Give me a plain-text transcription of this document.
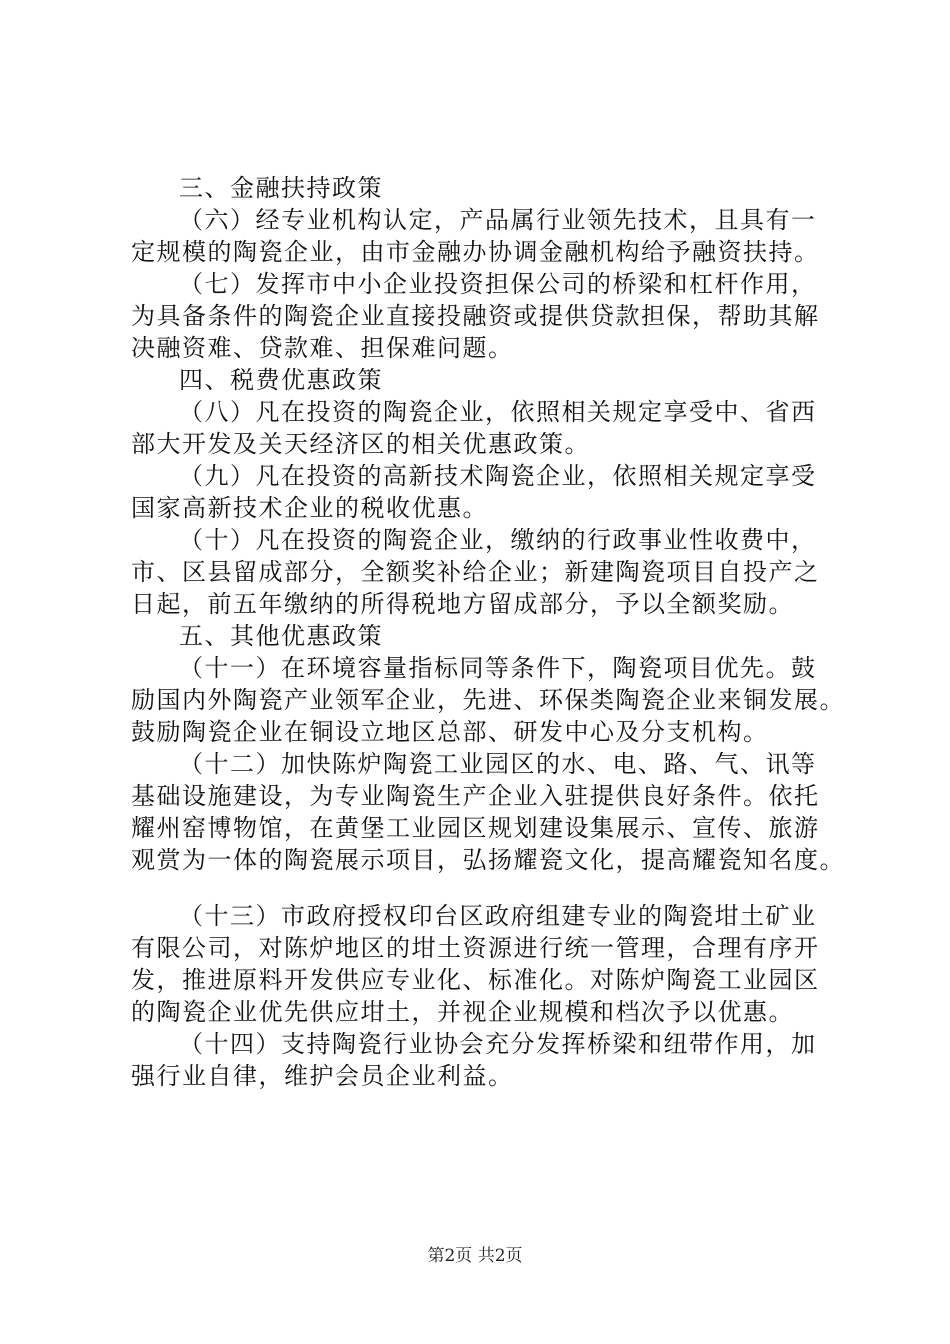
三、金融扶持政策
（六）经专业机构认定，产品属行业领先技术，且具有一
定规模的陶瓷企业，由市金融办协调金融机构给予融资扶持。
（七）发挥市中小企业投资担保公司的桥梁和杠杆作用，
为具备条件的陶瓷企业直接投融资或提供贷款担保，帮助其解
决融资难、贷款难、担保难问题。
四、税费优惠政策
（八）凡在投资的陶瓷企业，依照相关规定享受中、省西
部大开发及关天经济区的相关优惠政策。
（九）凡在投资的高新技术陶瓷企业，依照相关规定享受
国家高新技术企业的税收优惠。
（十）凡在投资的陶瓷企业，缴纳的行政事业性收费中，
市、区县留成部分，全额奖补给企业；新建陶瓷项目自投产之
日起，前五年缴纳的所得税地方留成部分，予以全额奖励。
五、其他优惠政策
（十一）在环境容量指标同等条件下，陶瓷项目优先。鼓
励国内外陶瓷产业领军企业，先进、环保类陶瓷企业来铜发展。
鼓励陶瓷企业在铜设立地区总部、研发中心及分支机构。
（十二）加快陈炉陶瓷工业园区的水、电、路、气、讯等
基础设施建设，为专业陶瓷生产企业入驻提供良好条件。依托
耀州窑博物馆，在黄堡工业园区规划建设集展示、宣传、旅游
观赏为一体的陶瓷展示项目，弘扬耀瓷文化，提高耀瓷知名度。
（十三）市政府授权印台区政府组建专业的陶瓷坩土矿业
有限公司，对陈炉地区的坩土资源进行统一管理，合理有序开
发，推进原料开发供应专业化、标准化。对陈炉陶瓷工业园区
的陶瓷企业优先供应坩土，并视企业规模和档次予以优惠。
（十四）支持陶瓷行业协会充分发挥桥梁和纽带作用，加
强行业自律，维护会员企业利益。
第2页 共2页
